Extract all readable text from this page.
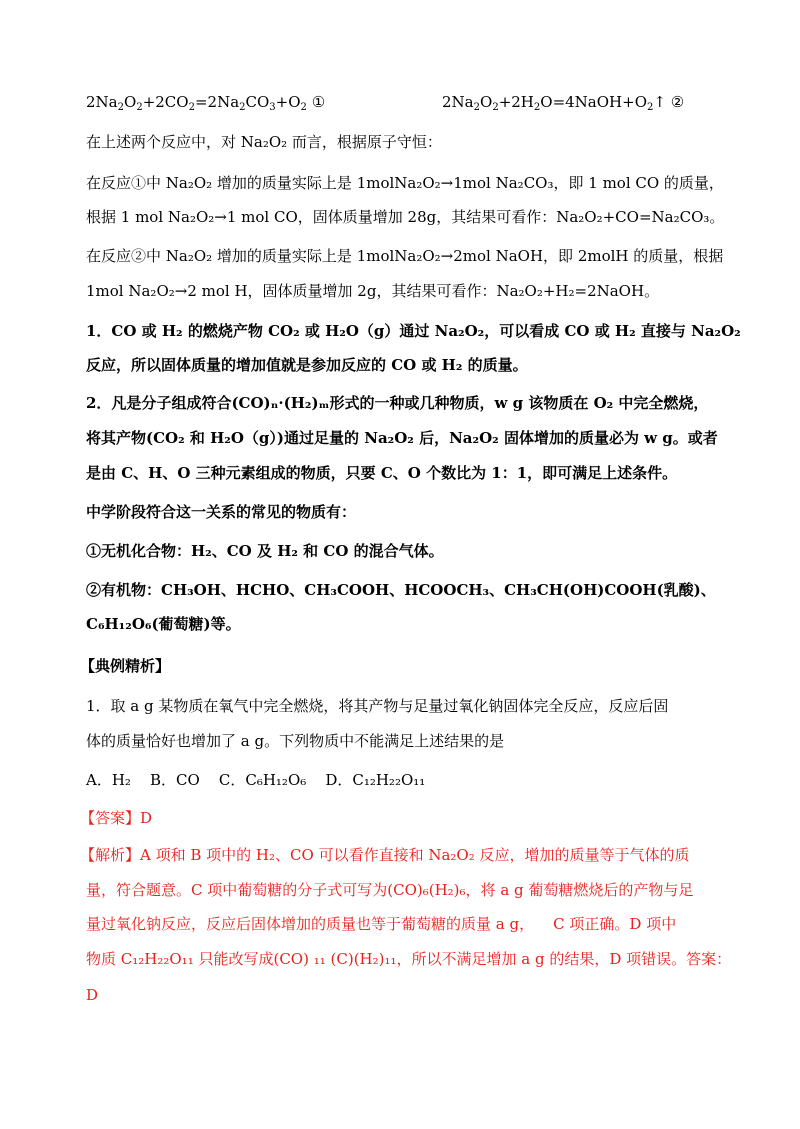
$2Na_2O_2+2CO_2=2Na_2CO_3+O_2$ ①	$2Na_2O_2+2H_2O=4NaOH+O_2↑$ ②
在上述两个反应中，对 Na₂O₂ 而言，根据原子守恒：
在反应①中 Na₂O₂ 增加的质量实际上是 1molNa₂O₂→1mol Na₂CO₃，即 1 mol CO 的质量，
根据 1 mol Na₂O₂→1 mol CO，固体质量增加 28g，其结果可看作：Na₂O₂+CO=Na₂CO₃。
在反应②中 Na₂O₂ 增加的质量实际上是 1molNa₂O₂→2mol NaOH，即 2molH 的质量，根据
1mol Na₂O₂→2 mol H，固体质量增加 2g，其结果可看作：Na₂O₂+H₂=2NaOH。
1．CO 或 H₂ 的燃烧产物 CO₂ 或 H₂O（g）通过 Na₂O₂，可以看成 CO 或 H₂ 直接与 Na₂O₂
反应，所以固体质量的增加值就是参加反应的 CO 或 H₂ 的质量。
2．凡是分子组成符合(CO)ₙ·(H₂)ₘ形式的一种或几种物质，w g 该物质在 O₂ 中完全燃烧，
将其产物(CO₂ 和 H₂O（g）)通过足量的 Na₂O₂ 后，Na₂O₂ 固体增加的质量必为 w g。或者
是由 C、H、O 三种元素组成的物质，只要 C、O 个数比为 1：1，即可满足上述条件。
中学阶段符合这一关系的常见的物质有：
①无机化合物：H₂、CO 及 H₂ 和 CO 的混合气体。
②有机物：CH₃OH、HCHO、CH₃COOH、HCOOCH₃、CH₃CH(OH)COOH(乳酸)、
C₆H₁₂O₆(葡萄糖)等。
【典例精析】
1．取 a g 某物质在氧气中完全燃烧，将其产物与足量过氧化钠固体完全反应，反应后固
体的质量恰好也增加了 a g。下列物质中不能满足上述结果的是
A．H₂    B．CO    C．C₆H₁₂O₆    D．C₁₂H₂₂O₁₁
【答案】D
【解析】A 项和 B 项中的 H₂、CO 可以看作直接和 Na₂O₂ 反应，增加的质量等于气体的质
量，符合题意。C 项中葡萄糖的分子式可写为(CO)₆(H₂)₆，将 a g 葡萄糖燃烧后的产物与足
量过氧化钠反应，反应后固体增加的质量也等于葡萄糖的质量 a g，    C 项正确。D 项中
物质 C₁₂H₂₂O₁₁ 只能改写成(CO) ₁₁ (C)(H₂)₁₁，所以不满足增加 a g 的结果，D 项错误。答案：
D
